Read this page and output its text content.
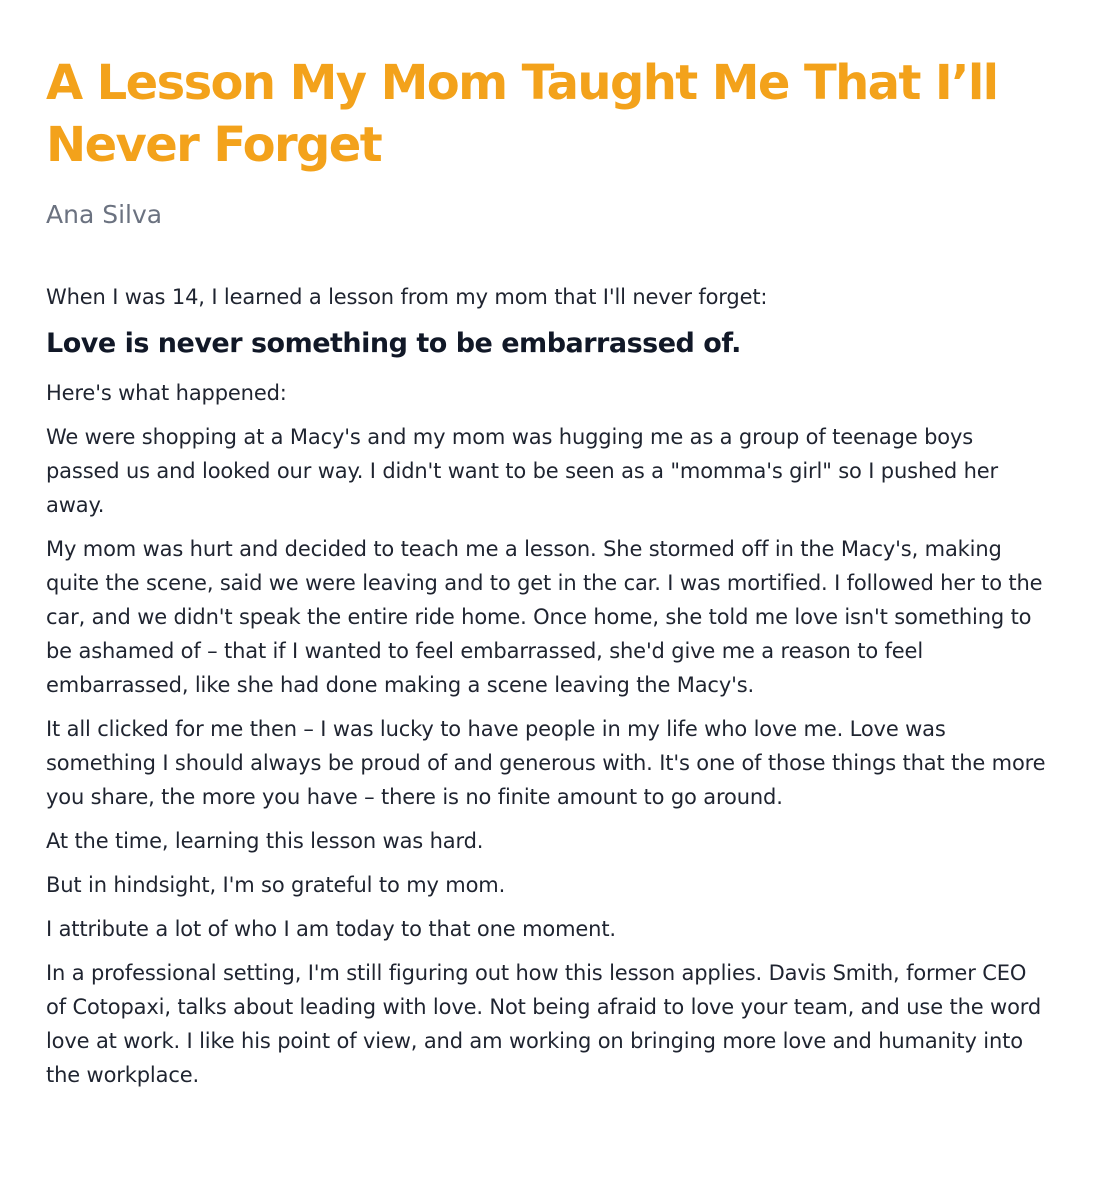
A Lesson My Mom Taught Me That I’ll Never Forget
Ana Silva

When I was 14, I learned a lesson from my mom that I'll never forget:

Love is never something to be embarrassed of.

Here's what happened:

We were shopping at a Macy's and my mom was hugging me as a group of teenage boys passed us and looked our way. I didn't want to be seen as a "momma's girl" so I pushed her away.

My mom was hurt and decided to teach me a lesson. She stormed off in the Macy's, making quite the scene, said we were leaving and to get in the car. I was mortified. I followed her to the car, and we didn't speak the entire ride home. Once home, she told me love isn't something to be ashamed of – that if I wanted to feel embarrassed, she'd give me a reason to feel embarrassed, like she had done making a scene leaving the Macy's.

It all clicked for me then – I was lucky to have people in my life who love me. Love was something I should always be proud of and generous with. It's one of those things that the more you share, the more you have – there is no finite amount to go around.

At the time, learning this lesson was hard.

But in hindsight, I'm so grateful to my mom.

I attribute a lot of who I am today to that one moment.

In a professional setting, I'm still figuring out how this lesson applies. Davis Smith, former CEO of Cotopaxi, talks about leading with love. Not being afraid to love your team, and use the word love at work. I like his point of view, and am working on bringing more love and humanity into the workplace.
